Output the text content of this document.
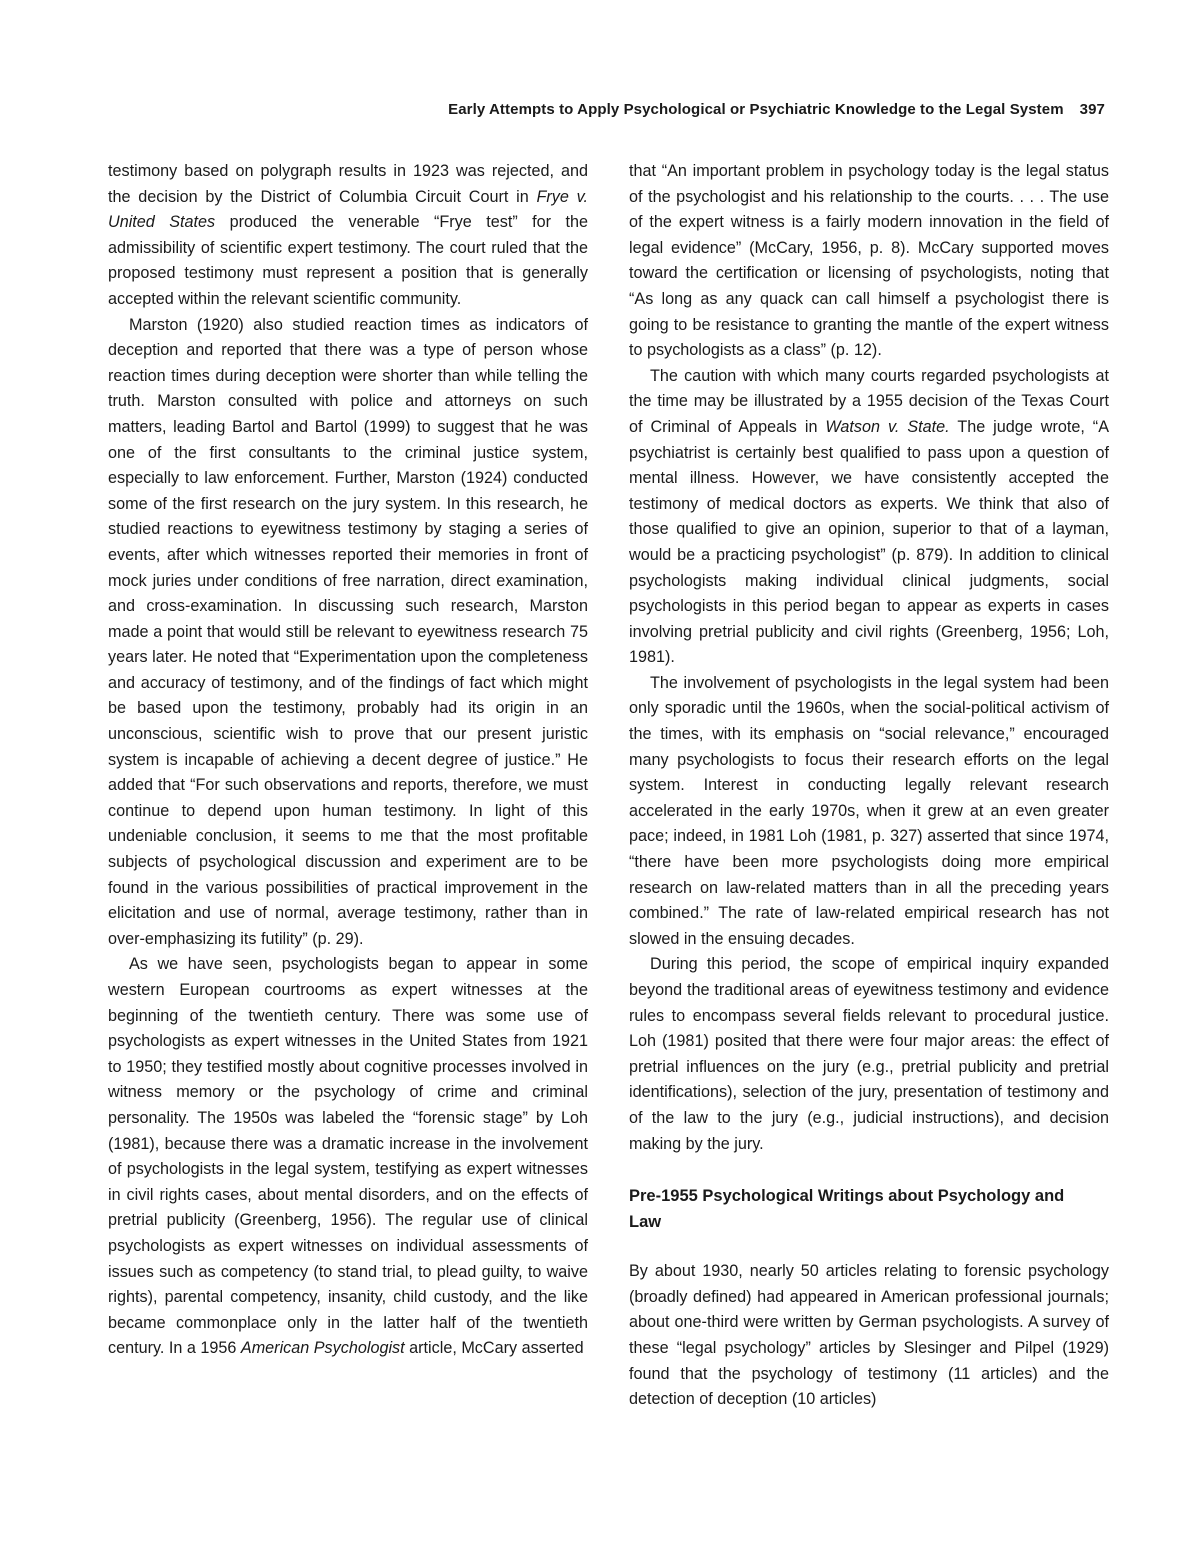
Early Attempts to Apply Psychological or Psychiatric Knowledge to the Legal System 397

testimony based on polygraph results in 1923 was rejected, and the decision by the District of Columbia Circuit Court in Frye v. United States produced the venerable “Frye test” for the admissibility of scientific expert testimony. The court ruled that the proposed testimony must represent a position that is generally accepted within the relevant scientific community.

Marston (1920) also studied reaction times as indicators of deception and reported that there was a type of person whose reaction times during deception were shorter than while telling the truth. Marston consulted with police and attorneys on such matters, leading Bartol and Bartol (1999) to suggest that he was one of the first consultants to the criminal justice system, especially to law enforcement. Further, Marston (1924) conducted some of the first research on the jury system. In this research, he studied reactions to eyewitness testimony by staging a series of events, after which witnesses reported their memories in front of mock juries under conditions of free narration, direct examination, and cross-examination. In discussing such research, Marston made a point that would still be relevant to eyewitness research 75 years later. He noted that “Experimentation upon the completeness and accuracy of testimony, and of the findings of fact which might be based upon the testimony, probably had its origin in an unconscious, scientific wish to prove that our present juristic system is incapable of achieving a decent degree of justice.” He added that “For such observations and reports, therefore, we must continue to depend upon human testimony. In light of this undeniable conclusion, it seems to me that the most profitable subjects of psychological discussion and experiment are to be found in the various possibilities of practical improvement in the elicitation and use of normal, average testimony, rather than in over-emphasizing its futility” (p. 29).

As we have seen, psychologists began to appear in some western European courtrooms as expert witnesses at the beginning of the twentieth century. There was some use of psychologists as expert witnesses in the United States from 1921 to 1950; they testified mostly about cognitive processes involved in witness memory or the psychology of crime and criminal personality. The 1950s was labeled the “forensic stage” by Loh (1981), because there was a dramatic increase in the involvement of psychologists in the legal system, testifying as expert witnesses in civil rights cases, about mental disorders, and on the effects of pretrial publicity (Greenberg, 1956). The regular use of clinical psychologists as expert witnesses on individual assessments of issues such as competency (to stand trial, to plead guilty, to waive rights), parental competency, insanity, child custody, and the like became commonplace only in the latter half of the twentieth century. In a 1956 American Psychologist article, McCary asserted

that “An important problem in psychology today is the legal status of the psychologist and his relationship to the courts. . . . The use of the expert witness is a fairly modern innovation in the field of legal evidence” (McCary, 1956, p. 8). McCary supported moves toward the certification or licensing of psychologists, noting that “As long as any quack can call himself a psychologist there is going to be resistance to granting the mantle of the expert witness to psychologists as a class” (p. 12).

The caution with which many courts regarded psychologists at the time may be illustrated by a 1955 decision of the Texas Court of Criminal of Appeals in Watson v. State. The judge wrote, “A psychiatrist is certainly best qualified to pass upon a question of mental illness. However, we have consistently accepted the testimony of medical doctors as experts. We think that also of those qualified to give an opinion, superior to that of a layman, would be a practicing psychologist” (p. 879). In addition to clinical psychologists making individual clinical judgments, social psychologists in this period began to appear as experts in cases involving pretrial publicity and civil rights (Greenberg, 1956; Loh, 1981).

The involvement of psychologists in the legal system had been only sporadic until the 1960s, when the social-political activism of the times, with its emphasis on “social relevance,” encouraged many psychologists to focus their research efforts on the legal system. Interest in conducting legally relevant research accelerated in the early 1970s, when it grew at an even greater pace; indeed, in 1981 Loh (1981, p. 327) asserted that since 1974, “there have been more psychologists doing more empirical research on law-related matters than in all the preceding years combined.” The rate of law-related empirical research has not slowed in the ensuing decades.

During this period, the scope of empirical inquiry expanded beyond the traditional areas of eyewitness testimony and evidence rules to encompass several fields relevant to procedural justice. Loh (1981) posited that there were four major areas: the effect of pretrial influences on the jury (e.g., pretrial publicity and pretrial identifications), selection of the jury, presentation of testimony and of the law to the jury (e.g., judicial instructions), and decision making by the jury.

Pre-1955 Psychological Writings about Psychology and Law

By about 1930, nearly 50 articles relating to forensic psychology (broadly defined) had appeared in American professional journals; about one-third were written by German psychologists. A survey of these “legal psychology” articles by Slesinger and Pilpel (1929) found that the psychology of testimony (11 articles) and the detection of deception (10 articles)
